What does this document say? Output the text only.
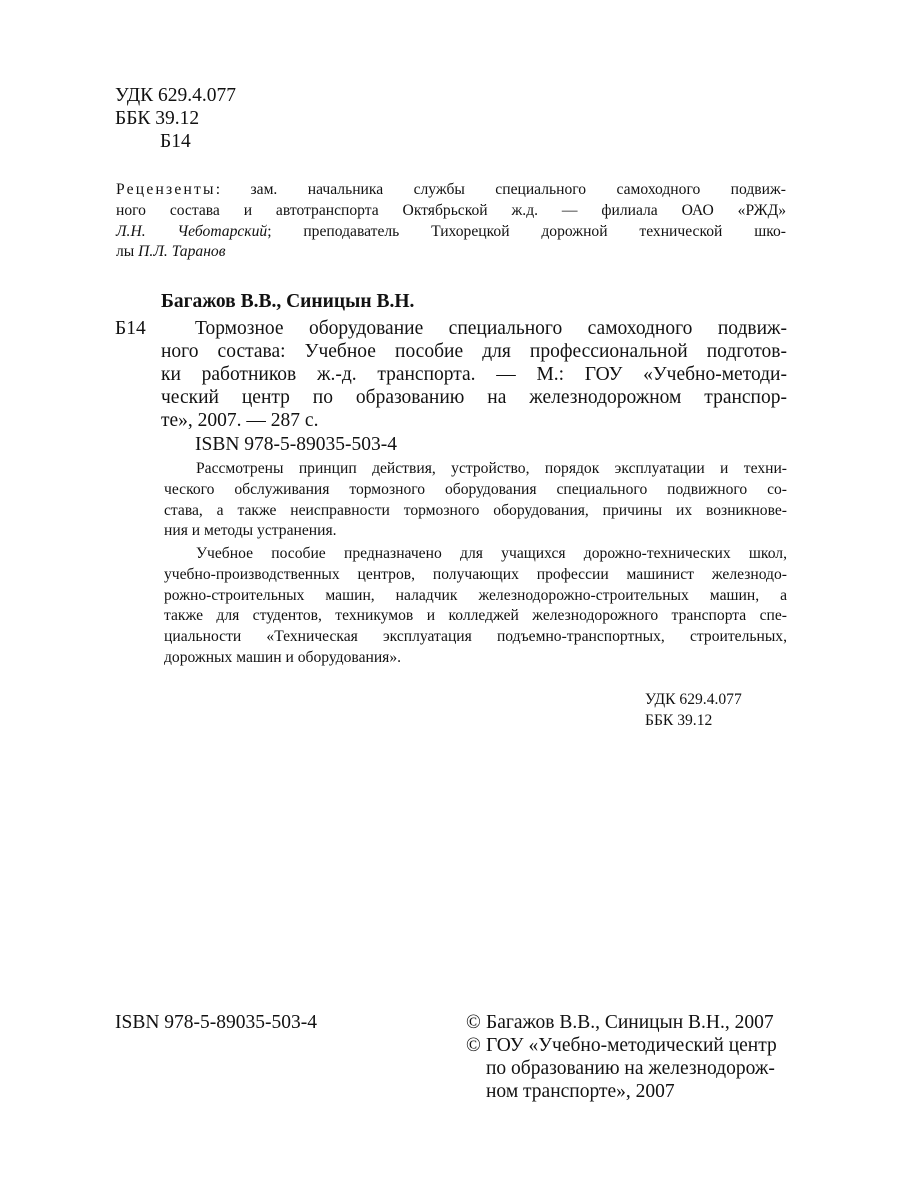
УДК 629.4.077
ББК 39.12
Б14
Рецензенты: зам. начальника службы специального самоходного подвиж-
ного состава и автотранспорта Октябрьской ж.д. — филиала ОАО «РЖД»
Л.Н. Чеботарский; преподаватель Тихорецкой дорожной технической шко-
лы П.Л. Таранов
Багажов В.В., Синицын В.Н.
Б14	Тормозное оборудование специального самоходного подвиж-
ного состава: Учебное пособие для профессиональной подготов-
ки работников ж.-д. транспорта. — М.: ГОУ «Учебно-методи-
ческий центр по образованию на железнодорожном транспор-
те», 2007. — 287 с.
ISBN 978-5-89035-503-4
Рассмотрены принцип действия, устройство, порядок эксплуатации и техни-
ческого обслуживания тормозного оборудования специального подвижного со-
става, а также неисправности тормозного оборудования, причины их возникнове-
ния и методы устранения.
Учебное пособие предназначено для учащихся дорожно-технических школ,
учебно-производственных центров, получающих профессии машинист железнодо-
рожно-строительных машин, наладчик железнодорожно-строительных машин, а
также для студентов, техникумов и колледжей железнодорожного транспорта спе-
циальности «Техническая эксплуатация подъемно-транспортных, строительных,
дорожных машин и оборудования».
УДК 629.4.077
ББК 39.12
ISBN 978-5-89035-503-4	© Багажов В.В., Синицын В.Н., 2007
© ГОУ «Учебно-методический центр
по образованию на железнодорож-
ном транспорте», 2007
